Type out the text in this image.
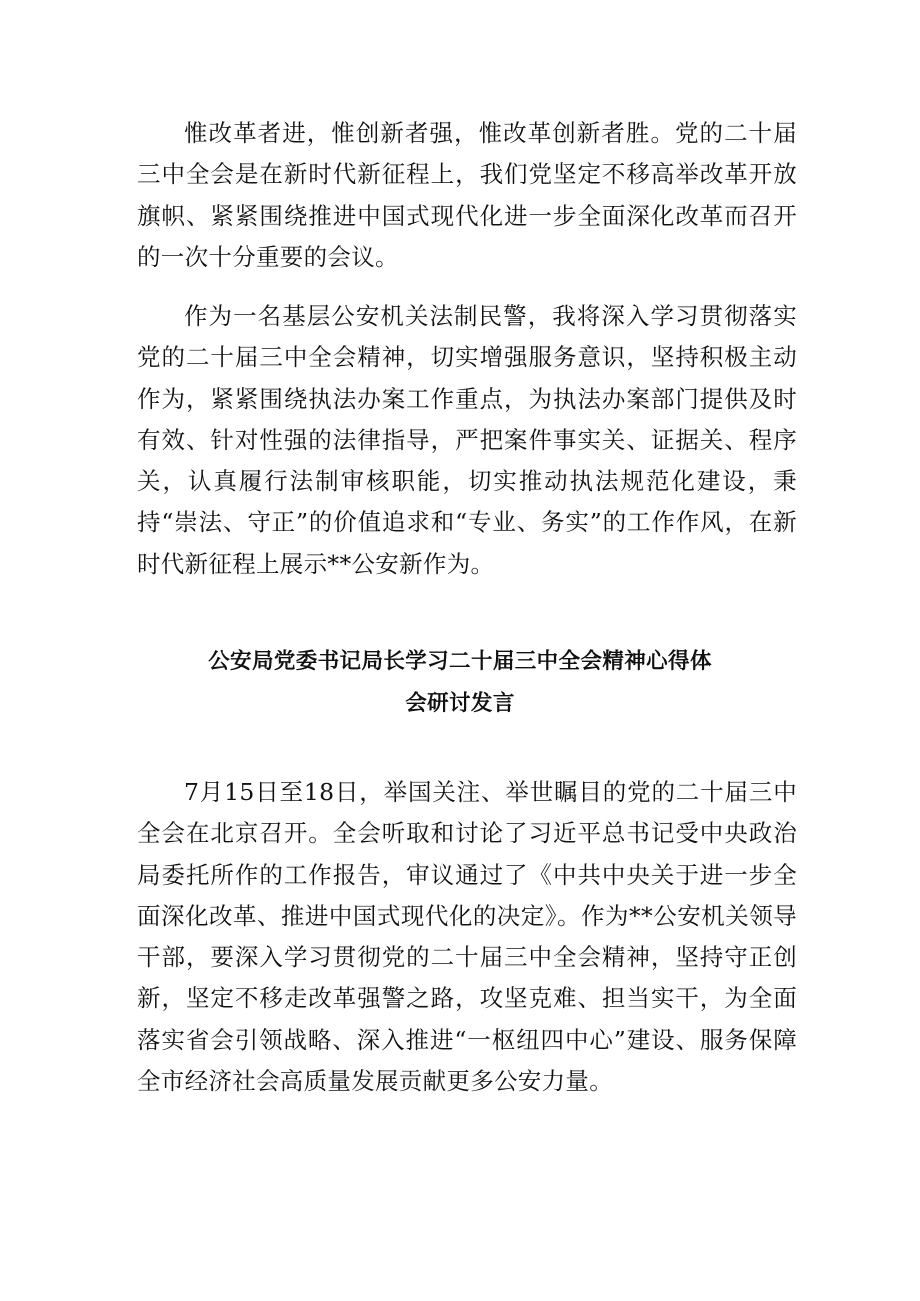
惟改革者进，惟创新者强，惟改革创新者胜。党的二十届三中全会是在新时代新征程上，我们党坚定不移高举改革开放旗帜、紧紧围绕推进中国式现代化进一步全面深化改革而召开的一次十分重要的会议。

作为一名基层公安机关法制民警，我将深入学习贯彻落实党的二十届三中全会精神，切实增强服务意识，坚持积极主动作为，紧紧围绕执法办案工作重点，为执法办案部门提供及时有效、针对性强的法律指导，严把案件事实关、证据关、程序关，认真履行法制审核职能，切实推动执法规范化建设，秉持“崇法、守正”的价值追求和“专业、务实”的工作作风，在新时代新征程上展示**公安新作为。

公安局党委书记局长学习二十届三中全会精神心得体
会研讨发言

7月15日至18日，举国关注、举世瞩目的党的二十届三中全会在北京召开。全会听取和讨论了习近平总书记受中央政治局委托所作的工作报告，审议通过了《中共中央关于进一步全面深化改革、推进中国式现代化的决定》。作为**公安机关领导干部，要深入学习贯彻党的二十届三中全会精神，坚持守正创新，坚定不移走改革强警之路，攻坚克难、担当实干，为全面落实省会引领战略、深入推进“一枢纽四中心”建设、服务保障全市经济社会高质量发展贡献更多公安力量。
